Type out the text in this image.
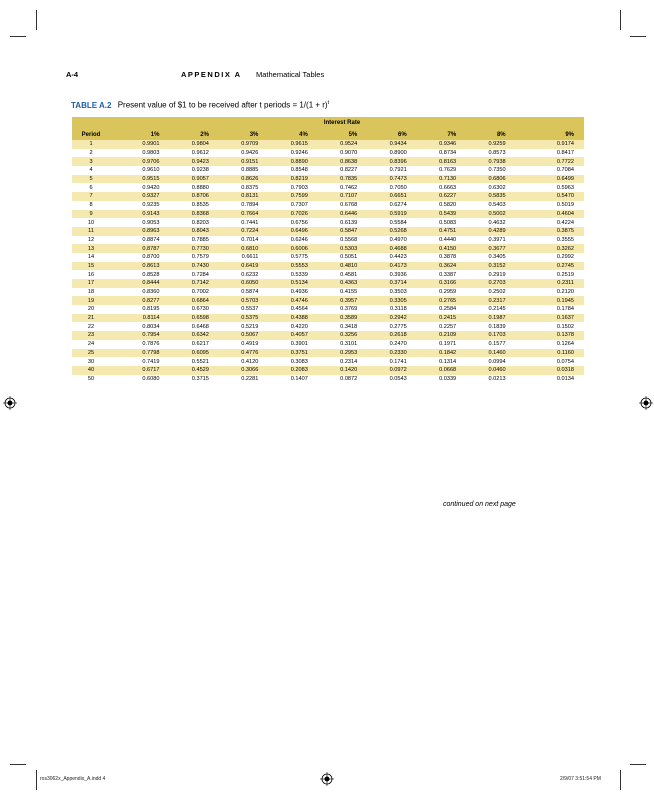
A-4	APPENDIX A Mathematical Tables
TABLE A.2 Present value of $1 to be received after t periods = $1/(1 + r)^t$
	Interest Rate								
Period	1%	2%	3%	4%	5%	6%	7%	8%	9%
1	0.9901	0.9804	0.9709	0.9615	0.9524	0.9434	0.9346	0.9259	0.9174
2	0.9803	0.9612	0.9426	0.9246	0.9070	0.8900	0.8734	0.8573	0.8417
3	0.9706	0.9423	0.9151	0.8890	0.8638	0.8396	0.8163	0.7938	0.7722
4	0.9610	0.9238	0.8885	0.8548	0.8227	0.7921	0.7629	0.7350	0.7084
5	0.9515	0.9057	0.8626	0.8219	0.7835	0.7473	0.7130	0.6806	0.6499
6	0.9420	0.8880	0.8375	0.7903	0.7462	0.7050	0.6663	0.6302	0.5963
7	0.9327	0.8706	0.8131	0.7599	0.7107	0.6651	0.6227	0.5835	0.5470
8	0.9235	0.8535	0.7894	0.7307	0.6768	0.6274	0.5820	0.5403	0.5019
9	0.9143	0.8368	0.7664	0.7026	0.6446	0.5919	0.5439	0.5002	0.4604
10	0.9053	0.8203	0.7441	0.6756	0.6139	0.5584	0.5083	0.4632	0.4224
11	0.8963	0.8043	0.7224	0.6496	0.5847	0.5268	0.4751	0.4289	0.3875
12	0.8874	0.7885	0.7014	0.6246	0.5568	0.4970	0.4440	0.3971	0.3555
13	0.8787	0.7730	0.6810	0.6006	0.5303	0.4688	0.4150	0.3677	0.3262
14	0.8700	0.7579	0.6611	0.5775	0.5051	0.4423	0.3878	0.3405	0.2992
15	0.8613	0.7430	0.6419	0.5553	0.4810	0.4173	0.3624	0.3152	0.2745
16	0.8528	0.7284	0.6232	0.5339	0.4581	0.3936	0.3387	0.2919	0.2519
17	0.8444	0.7142	0.6050	0.5134	0.4363	0.3714	0.3166	0.2703	0.2311
18	0.8360	0.7002	0.5874	0.4936	0.4155	0.3503	0.2959	0.2502	0.2120
19	0.8277	0.6864	0.5703	0.4746	0.3957	0.3305	0.2765	0.2317	0.1945
20	0.8195	0.6730	0.5537	0.4564	0.3769	0.3118	0.2584	0.2145	0.1784
21	0.8114	0.6598	0.5375	0.4388	0.3589	0.2942	0.2415	0.1987	0.1637
22	0.8034	0.6468	0.5219	0.4220	0.3418	0.2775	0.2257	0.1839	0.1502
23	0.7954	0.6342	0.5067	0.4057	0.3256	0.2618	0.2109	0.1703	0.1378
24	0.7876	0.6217	0.4919	0.3901	0.3101	0.2470	0.1971	0.1577	0.1264
25	0.7798	0.6095	0.4776	0.3751	0.2953	0.2330	0.1842	0.1460	0.1160
30	0.7419	0.5521	0.4120	0.3083	0.2314	0.1741	0.1314	0.0994	0.0754
40	0.6717	0.4529	0.3066	0.2083	0.1420	0.0972	0.0668	0.0460	0.0318
50	0.6080	0.3715	0.2281	0.1407	0.0872	0.0543	0.0339	0.0213	0.0134
continued on next page
ros3062x_Appendix_A.indd 4	2/9/07 3:51:54 PM
